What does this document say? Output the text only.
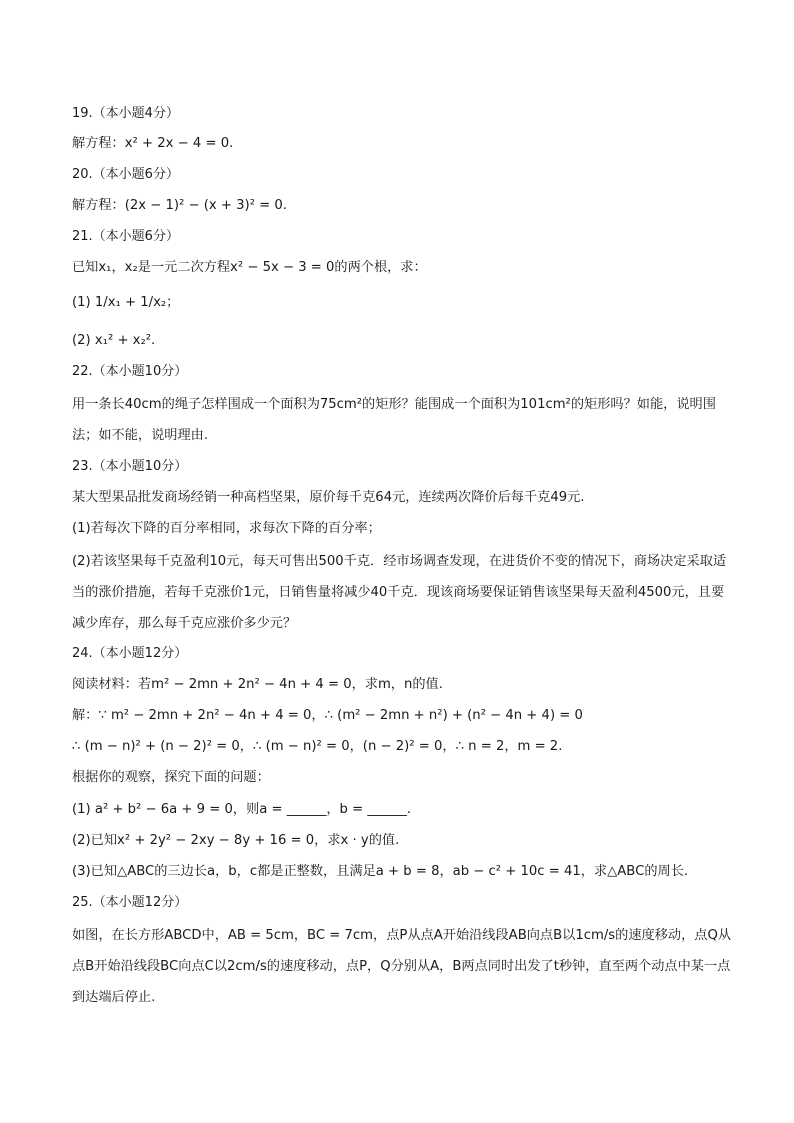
19.（本小题4分）
解方程：x² + 2x − 4 = 0.
20.（本小题6分）
解方程：(2x − 1)² − (x + 3)² = 0.
21.（本小题6分）
已知x₁，x₂是一元二次方程x² − 5x − 3 = 0的两个根，求：
(1) 1/x₁ + 1/x₂；
(2) x₁² + x₂².
22.（本小题10分）
用一条长40cm的绳子怎样围成一个面积为75cm²的矩形？能围成一个面积为101cm²的矩形吗？如能，说明围法；如不能，说明理由.
23.（本小题10分）
某大型果品批发商场经销一种高档坚果，原价每千克64元，连续两次降价后每千克49元.
(1)若每次下降的百分率相同，求每次下降的百分率；
(2)若该坚果每千克盈利10元，每天可售出500千克．经市场调查发现，在进货价不变的情况下，商场决定采取适当的涨价措施，若每千克涨价1元，日销售量将减少40千克．现该商场要保证销售该坚果每天盈利4500元，且要减少库存，那么每千克应涨价多少元？
24.（本小题12分）
阅读材料：若m² − 2mn + 2n² − 4n + 4 = 0，求m，n的值.
解：∵ m² − 2mn + 2n² − 4n + 4 = 0，∴ (m² − 2mn + n²) + (n² − 4n + 4) = 0
∴ (m − n)² + (n − 2)² = 0，∴ (m − n)² = 0，(n − 2)² = 0，∴ n = 2，m = 2.
根据你的观察，探究下面的问题：
(1) a² + b² − 6a + 9 = 0，则a = ______，b = ______.
(2)已知x² + 2y² − 2xy − 8y + 16 = 0，求x · y的值.
(3)已知△ABC的三边长a，b，c都是正整数，且满足a + b = 8，ab − c² + 10c = 41，求△ABC的周长.
25.（本小题12分）
如图，在长方形ABCD中，AB = 5cm，BC = 7cm，点P从点A开始沿线段AB向点B以1cm/s的速度移动，点Q从点B开始沿线段BC向点C以2cm/s的速度移动，点P，Q分别从A，B两点同时出发了t秒钟，直至两个动点中某一点到达端后停止.
